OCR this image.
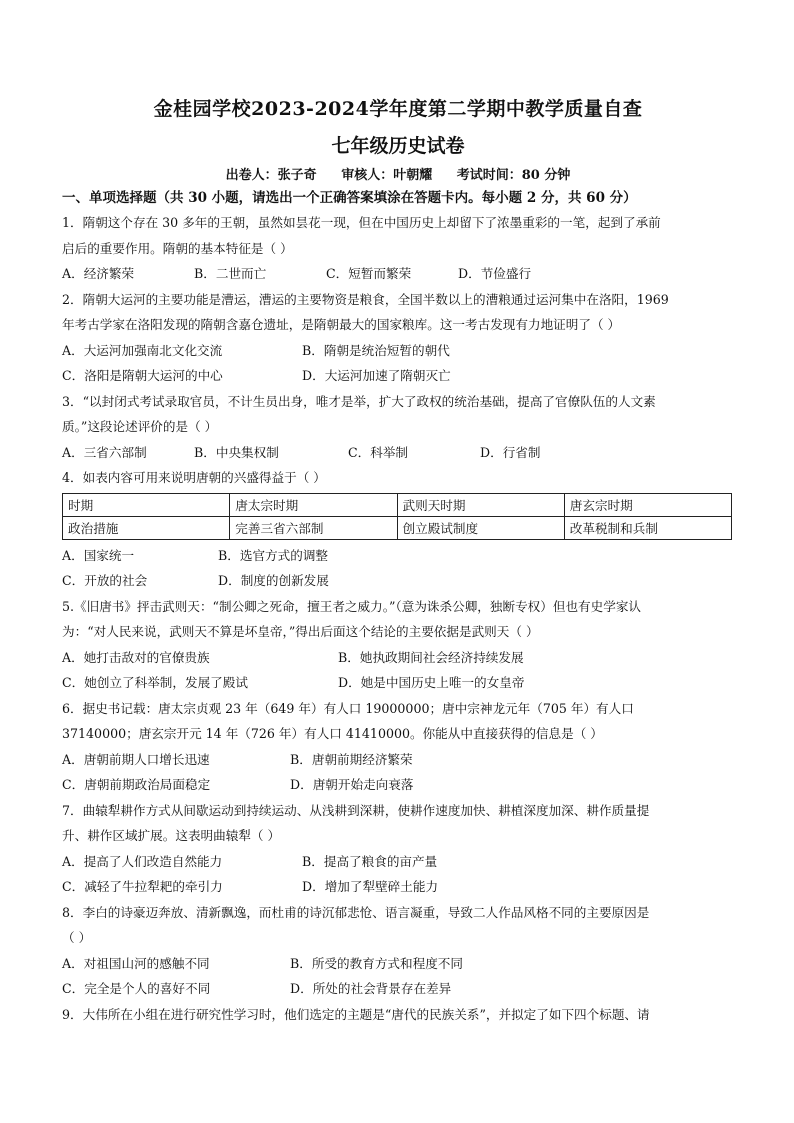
金桂园学校2023-2024学年度第二学期中教学质量自查
七年级历史试卷
出卷人：张子奇 审核人：叶朝耀 考试时间：80 分钟
一、单项选择题（共 30 小题，请选出一个正确答案填涂在答题卡内。每小题 2 分，共 60 分）
1．隋朝这个存在 30 多年的王朝，虽然如昙花一现，但在中国历史上却留下了浓墨重彩的一笔，起到了承前
启后的重要作用。隋朝的基本特征是（ ）
A．经济繁荣	B．二世而亡	C．短暂而繁荣	D．节俭盛行
2．隋朝大运河的主要功能是漕运，漕运的主要物资是粮食，全国半数以上的漕粮通过运河集中在洛阳，1969
年考古学家在洛阳发现的隋朝含嘉仓遗址，是隋朝最大的国家粮库。这一考古发现有力地证明了（ ）
A．大运河加强南北文化交流	B．隋朝是统治短暂的朝代
C．洛阳是隋朝大运河的中心	D．大运河加速了隋朝灭亡
3．“以封闭式考试录取官员，不计生员出身，唯才是举，扩大了政权的统治基础，提高了官僚队伍的人文素
质。”这段论述评价的是（ ）
A．三省六部制	B．中央集权制	C．科举制	D．行省制
4．如表内容可用来说明唐朝的兴盛得益于（ ）
时期	唐太宗时期	武则天时期	唐玄宗时期
政治措施	完善三省六部制	创立殿试制度	改革税制和兵制
A．国家统一	B．选官方式的调整
C．开放的社会	D．制度的创新发展
5.《旧唐书》抨击武则天：“制公卿之死命，擅王者之威力。”（意为诛杀公卿，独断专权）但也有史学家认
为：“对人民来说，武则天不算是坏皇帝，”得出后面这个结论的主要依据是武则天（ ）
A．她打击敌对的官僚贵族	B．她执政期间社会经济持续发展
C．她创立了科举制，发展了殿试	D．她是中国历史上唯一的女皇帝
6．据史书记载：唐太宗贞观 23 年（649 年）有人口 19000000；唐中宗神龙元年（705 年）有人口
37140000；唐玄宗开元 14 年（726 年）有人口 41410000。你能从中直接获得的信息是（ ）
A．唐朝前期人口增长迅速	B．唐朝前期经济繁荣
C．唐朝前期政治局面稳定	D．唐朝开始走向衰落
7．曲辕犁耕作方式从间歇运动到持续运动、从浅耕到深耕，使耕作速度加快、耕植深度加深、耕作质量提
升、耕作区域扩展。这表明曲辕犁（ ）
A．提高了人们改造自然能力	B．提高了粮食的亩产量
C．减轻了牛拉犁耙的牵引力	D．增加了犁壁碎土能力
8．李白的诗豪迈奔放、清新飘逸，而杜甫的诗沉郁悲怆、语言凝重，导致二人作品风格不同的主要原因是
（ ）
A．对祖国山河的感触不同	B．所受的教育方式和程度不同
C．完全是个人的喜好不同	D．所处的社会背景存在差异
9．大伟所在小组在进行研究性学习时，他们选定的主题是“唐代的民族关系”，并拟定了如下四个标题、请
